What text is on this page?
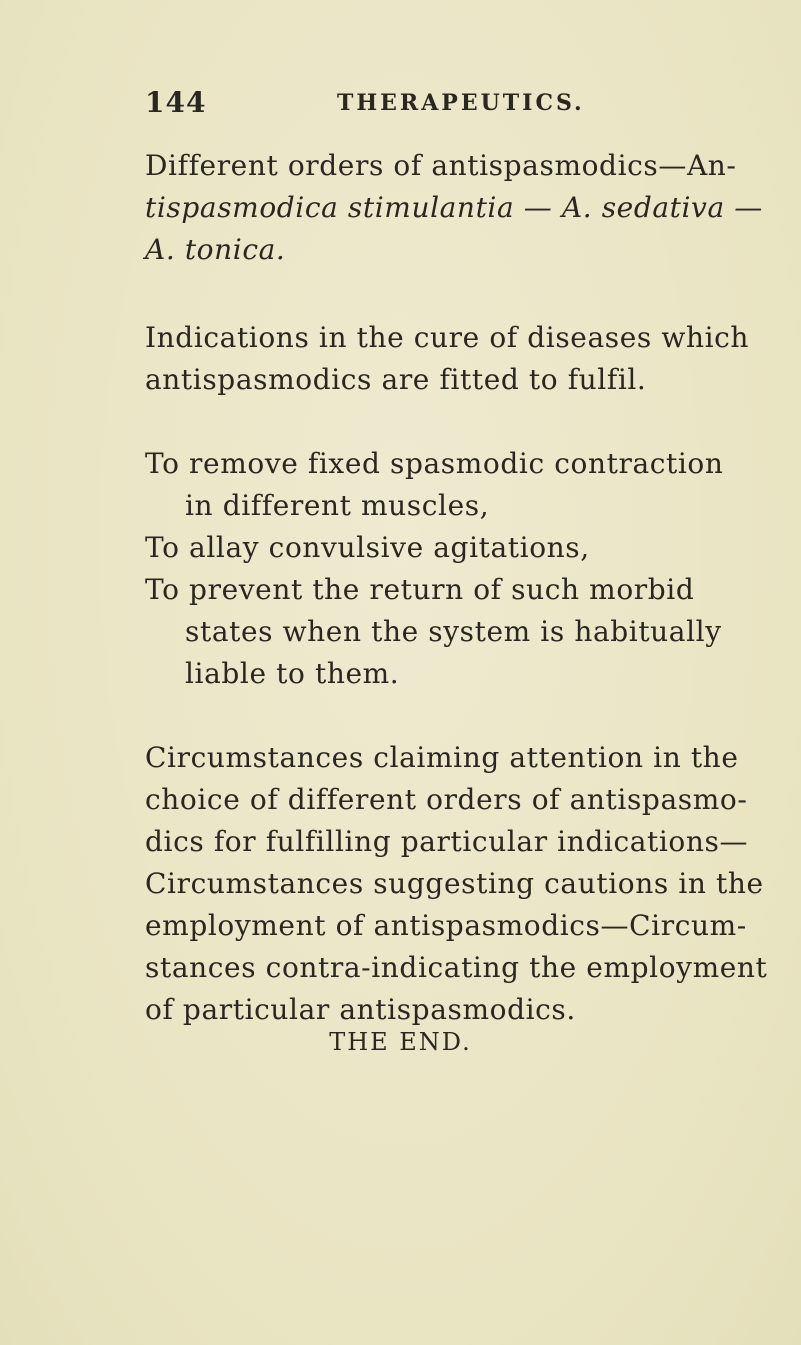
144	THERAPEUTICS.
Different orders of antispasmodics—An-
tispasmodica stimulantia — A. sedativa —
A. tonica.
Indications in the cure of diseases which
antispasmodics are fitted to fulfil.
To remove fixed spasmodic contraction
in different muscles,
To allay convulsive agitations,
To prevent the return of such morbid
states when the system is habitually
liable to them.
Circumstances claiming attention in the
choice of different orders of antispasmo-
dics for fulfilling particular indications—
Circumstances suggesting cautions in the
employment of antispasmodics—Circum-
stances contra-indicating the employment
of particular antispasmodics.
THE END.
